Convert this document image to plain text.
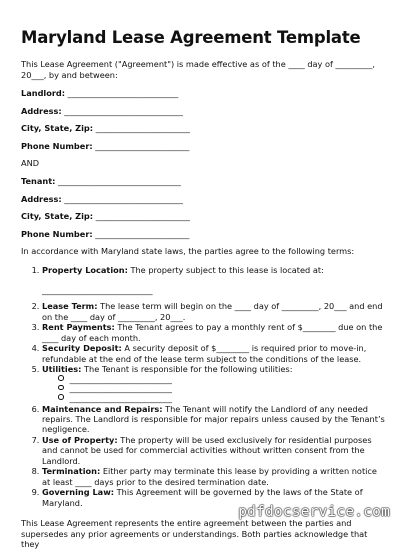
Maryland Lease Agreement Template

This Lease Agreement ("Agreement") is made effective as of the ____ day of _________, 20___, by and between:

Landlord: ___________________________
Address: _____________________________
City, State, Zip: _______________________
Phone Number: _______________________
AND
Tenant: ______________________________
Address: _____________________________
City, State, Zip: _______________________
Phone Number: _______________________

In accordance with Maryland state laws, the parties agree to the following terms:

1. Property Location: The property subject to this lease is located at:
___________________________
2. Lease Term: The lease term will begin on the ____ day of _________, 20___ and end on the ____ day of _________, 20___.
3. Rent Payments: The Tenant agrees to pay a monthly rent of $________ due on the ____ day of each month.
4. Security Deposit: A security deposit of $________ is required prior to move-in, refundable at the end of the lease term subject to the conditions of the lease.
5. Utilities: The Tenant is responsible for the following utilities:
_________________________
_________________________
_________________________
6. Maintenance and Repairs: The Tenant will notify the Landlord of any needed repairs. The Landlord is responsible for major repairs unless caused by the Tenant’s negligence.
7. Use of Property: The property will be used exclusively for residential purposes and cannot be used for commercial activities without written consent from the Landlord.
8. Termination: Either party may terminate this lease by providing a written notice at least ____ days prior to the desired termination date.
9. Governing Law: This Agreement will be governed by the laws of the State of Maryland.

This Lease Agreement represents the entire agreement between the parties and supersedes any prior agreements or understandings. Both parties acknowledge that they

pdfdocservice.com
